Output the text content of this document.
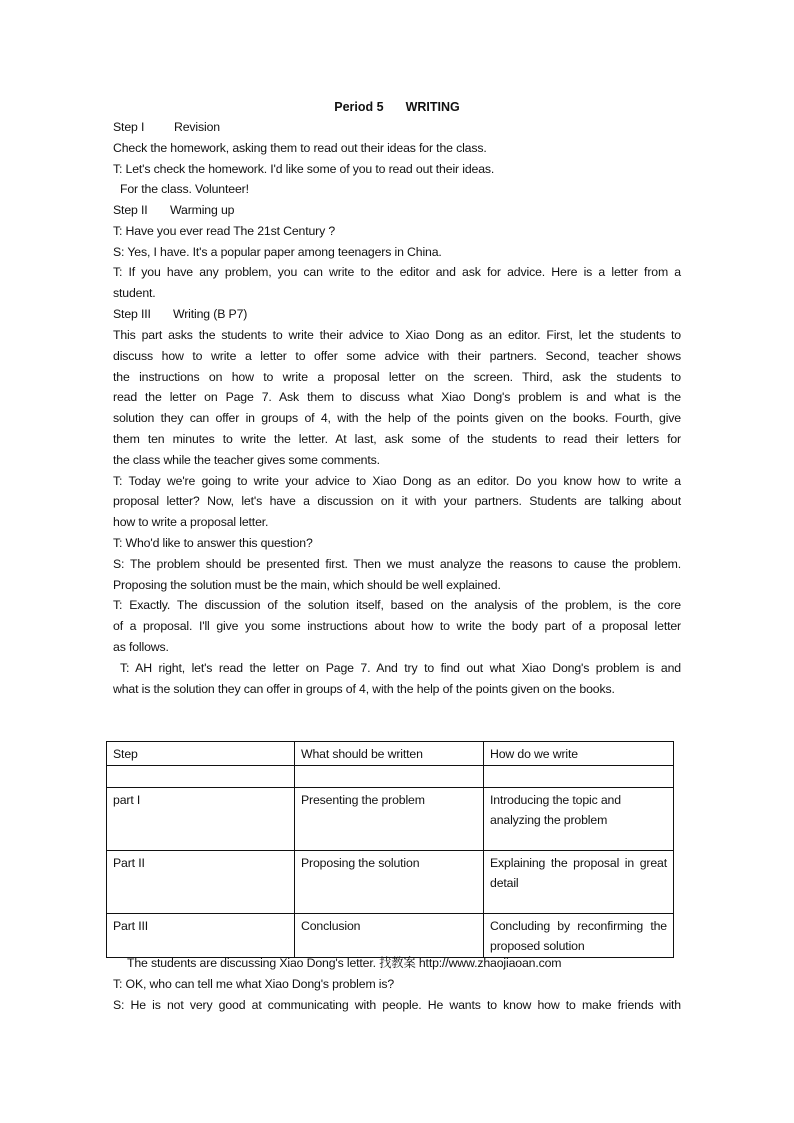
Period 5 WRITING
Step I Revision
Check the homework, asking them to read out their ideas for the class.
T: Let's check the homework. I'd like some of you to read out their ideas.
For the class. Volunteer!
Step II Warming up
T: Have you ever read The 21st Century ?
S: Yes, I have. It's a popular paper among teenagers in China.
T: If you have any problem, you can write to the editor and ask for advice. Here is a letter from a
student.
Step III Writing (B P7)
This part asks the students to write their advice to Xiao Dong as an editor. First, let the students to
discuss how to write a letter to offer some advice with their partners. Second, teacher shows
the instructions on how to write a proposal letter on the screen. Third, ask the students to
read the letter on Page 7. Ask them to discuss what Xiao Dong's problem is and what is the
solution they can offer in groups of 4, with the help of the points given on the books. Fourth, give
them ten minutes to write the letter. At last, ask some of the students to read their letters for
the class while the teacher gives some comments.
T: Today we're going to write your advice to Xiao Dong as an editor. Do you know how to write a
proposal letter? Now, let's have a discussion on it with your partners. Students are talking about
how to write a proposal letter.
T: Who'd like to answer this question?
S: The problem should be presented first. Then we must analyze the reasons to cause the problem.
Proposing the solution must be the main, which should be well explained.
T: Exactly. The discussion of the solution itself, based on the analysis of the problem, is the core
of a proposal. I'll give you some instructions about how to write the body part of a proposal letter
as follows.
T: AH right, let's read the letter on Page 7. And try to find out what Xiao Dong's problem is and
what is the solution they can offer in groups of 4, with the help of the points given on the books.
Step	What should be written	How do we write

part I	Presenting the problem	Introducing the topic and analyzing the problem
Part II	Proposing the solution	Explaining the proposal in great detail
Part III	Conclusion	Concluding by reconfirming the proposed solution
The students are discussing Xiao Dong's letter. 找教案 http://www.zhaojiaoan.com
T: OK, who can tell me what Xiao Dong's problem is?
S: He is not very good at communicating with people. He wants to know how to make friends with
